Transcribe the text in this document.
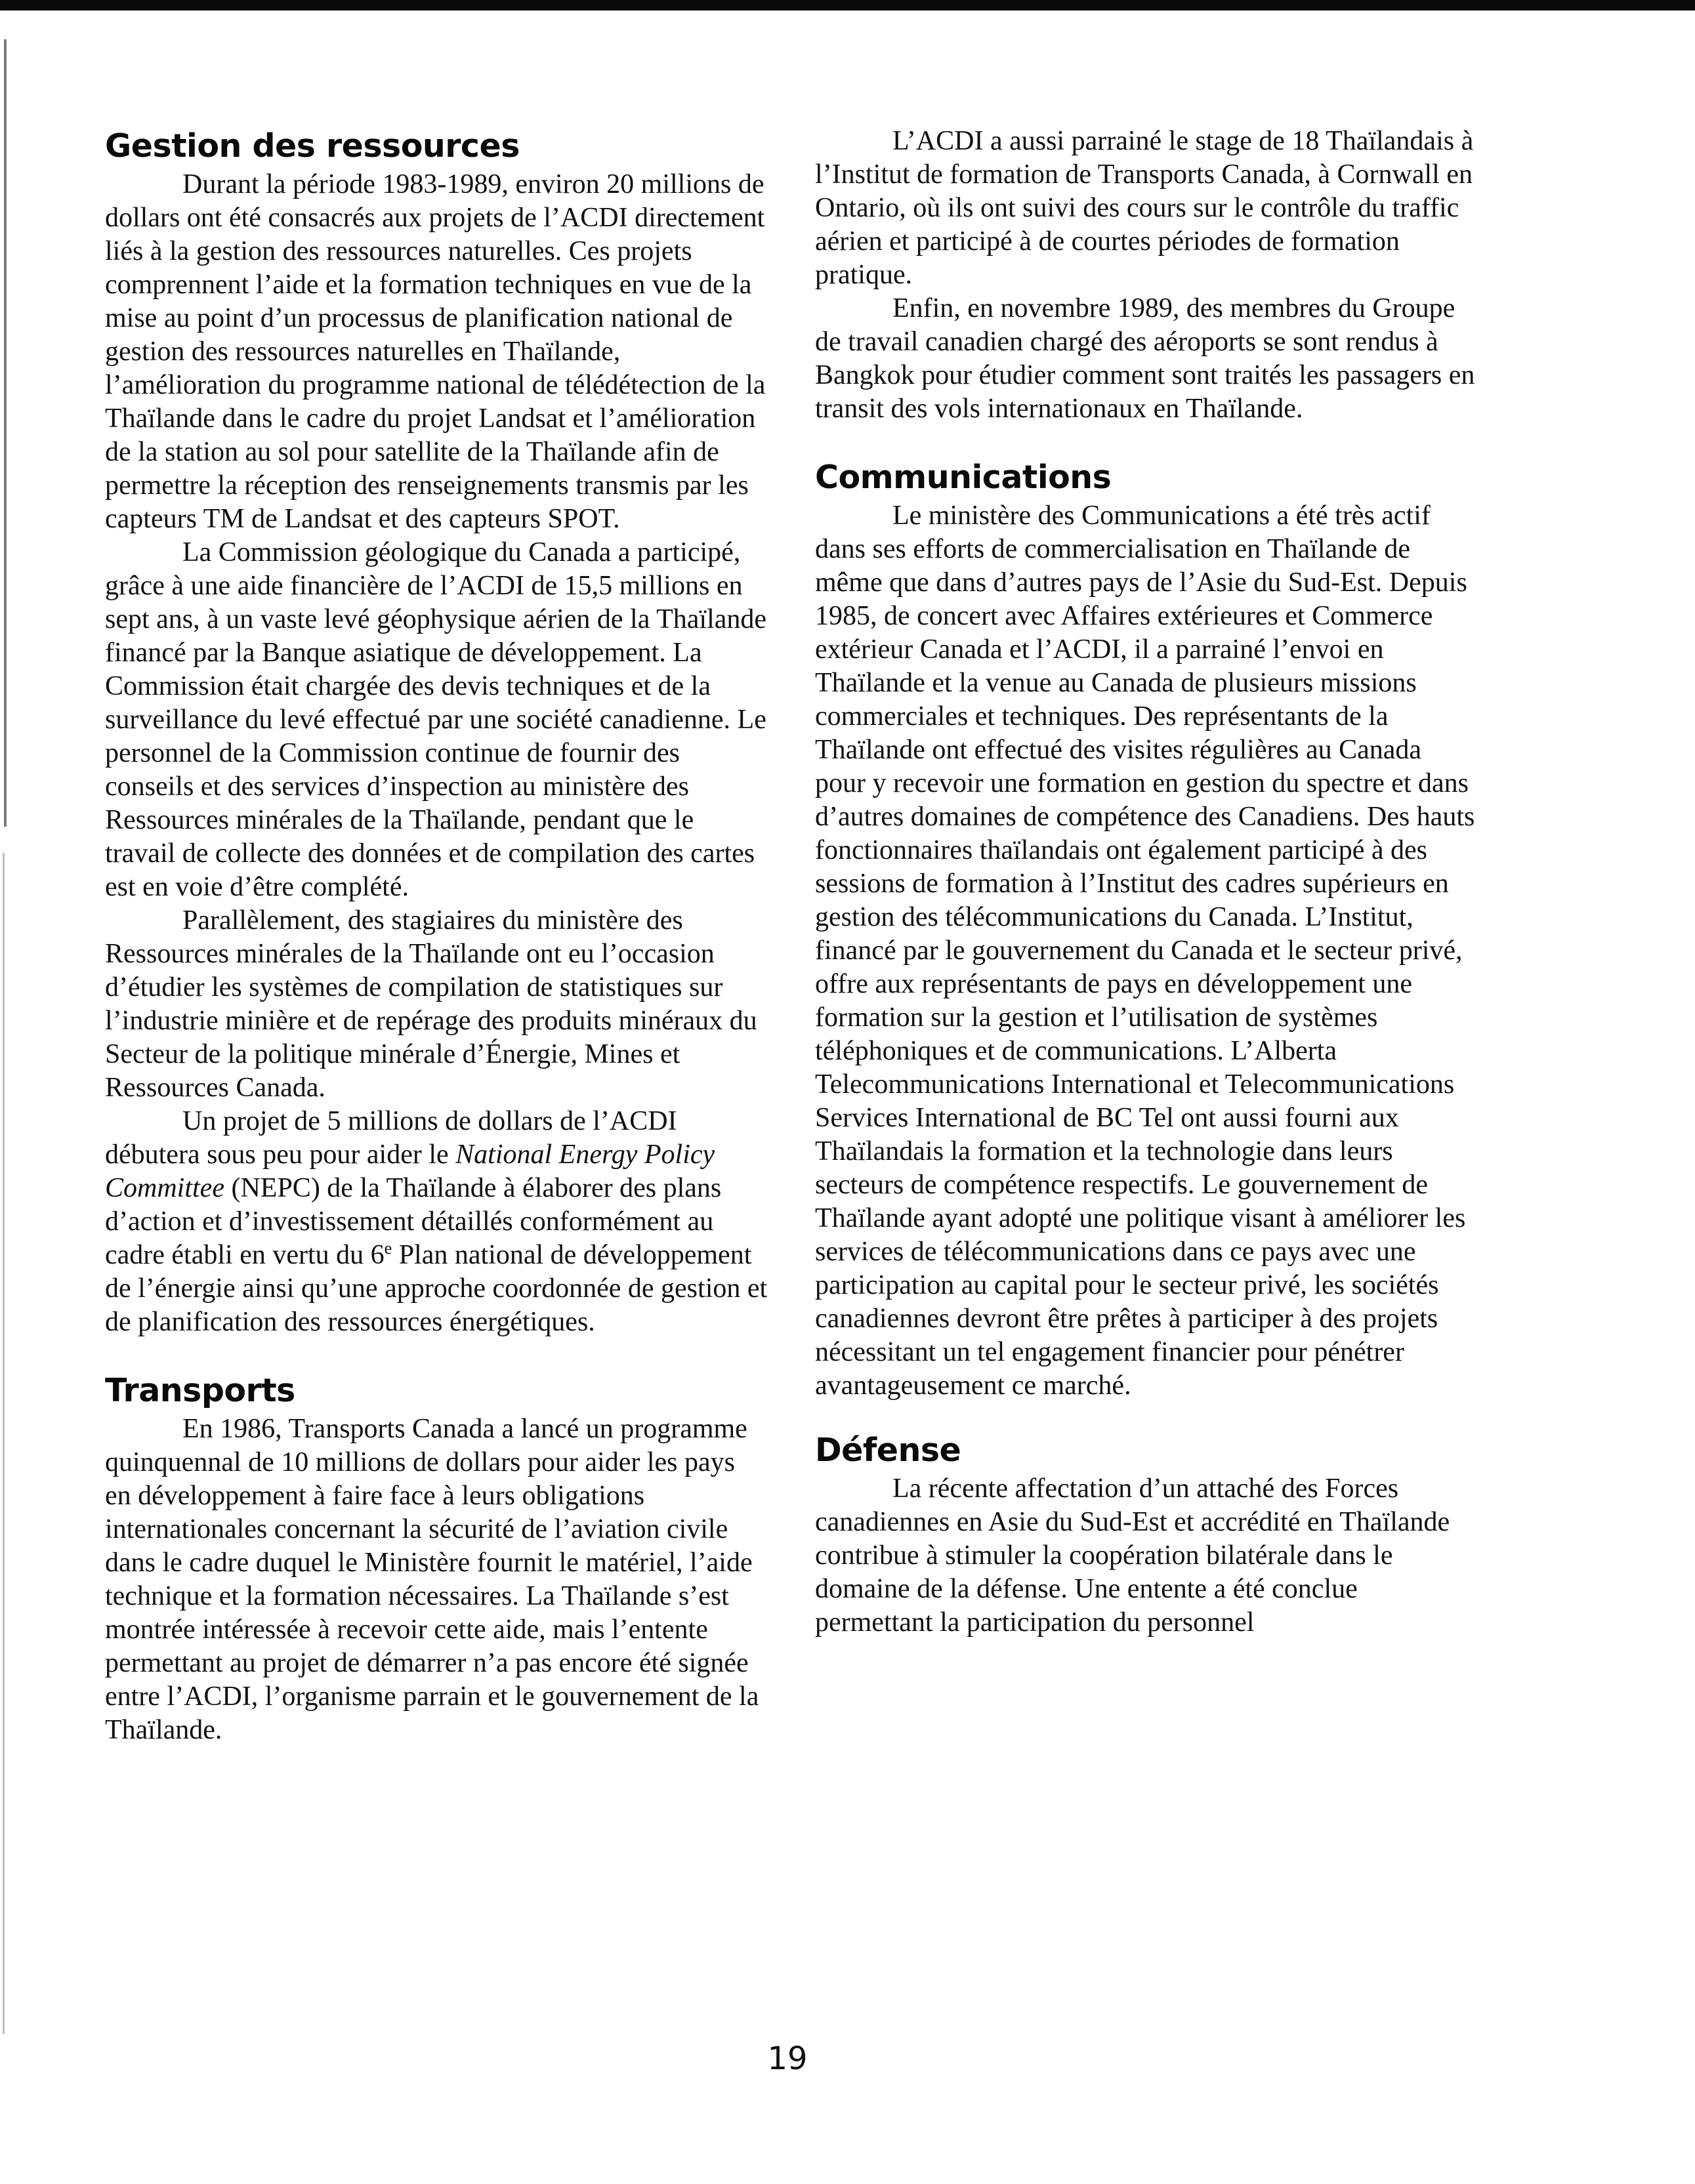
Gestion des ressources

Durant la période 1983-1989, environ 20 millions de dollars ont été consacrés aux projets de l’ACDI directement liés à la gestion des ressources naturelles. Ces projets comprennent l’aide et la formation techniques en vue de la mise au point d’un processus de planification national de gestion des ressources naturelles en Thaïlande, l’amélioration du programme national de télédétection de la Thaïlande dans le cadre du projet Landsat et l’amélioration de la station au sol pour satellite de la Thaïlande afin de permettre la réception des renseignements transmis par les capteurs TM de Landsat et des capteurs SPOT.

La Commission géologique du Canada a participé, grâce à une aide financière de l’ACDI de 15,5 millions en sept ans, à un vaste levé géophysique aérien de la Thaïlande financé par la Banque asiatique de développement. La Commission était chargée des devis techniques et de la surveillance du levé effectué par une société canadienne. Le personnel de la Commission continue de fournir des conseils et des services d’inspection au ministère des Ressources minérales de la Thaïlande, pendant que le travail de collecte des données et de compilation des cartes est en voie d’être complété.

Parallèlement, des stagiaires du ministère des Ressources minérales de la Thaïlande ont eu l’occasion d’étudier les systèmes de compilation de statistiques sur l’industrie minière et de repérage des produits minéraux du Secteur de la politique minérale d’Énergie, Mines et Ressources Canada.

Un projet de 5 millions de dollars de l’ACDI débutera sous peu pour aider le National Energy Policy Committee (NEPC) de la Thaïlande à élaborer des plans d’action et d’investissement détaillés conformément au cadre établi en vertu du 6e Plan national de développement de l’énergie ainsi qu’une approche coordonnée de gestion et de planification des ressources énergétiques.

Transports

En 1986, Transports Canada a lancé un programme quinquennal de 10 millions de dollars pour aider les pays en développement à faire face à leurs obligations internationales concernant la sécurité de l’aviation civile dans le cadre duquel le Ministère fournit le matériel, l’aide technique et la formation nécessaires. La Thaïlande s’est montrée intéressée à recevoir cette aide, mais l’entente permettant au projet de démarrer n’a pas encore été signée entre l’ACDI, l’organisme parrain et le gouvernement de la Thaïlande.

L’ACDI a aussi parrainé le stage de 18 Thaïlandais à l’Institut de formation de Transports Canada, à Cornwall en Ontario, où ils ont suivi des cours sur le contrôle du traffic aérien et participé à de courtes périodes de formation pratique.

Enfin, en novembre 1989, des membres du Groupe de travail canadien chargé des aéroports se sont rendus à Bangkok pour étudier comment sont traités les passagers en transit des vols internationaux en Thaïlande.

Communications

Le ministère des Communications a été très actif dans ses efforts de commercialisation en Thaïlande de même que dans d’autres pays de l’Asie du Sud-Est. Depuis 1985, de concert avec Affaires extérieures et Commerce extérieur Canada et l’ACDI, il a parrainé l’envoi en Thaïlande et la venue au Canada de plusieurs missions commerciales et techniques. Des représentants de la Thaïlande ont effectué des visites régulières au Canada pour y recevoir une formation en gestion du spectre et dans d’autres domaines de compétence des Canadiens. Des hauts fonctionnaires thaïlandais ont également participé à des sessions de formation à l’Institut des cadres supérieurs en gestion des télécommunications du Canada. L’Institut, financé par le gouvernement du Canada et le secteur privé, offre aux représentants de pays en développement une formation sur la gestion et l’utilisation de systèmes téléphoniques et de communications. L’Alberta Telecommunications International et Telecommunications Services International de BC Tel ont aussi fourni aux Thaïlandais la formation et la technologie dans leurs secteurs de compétence respectifs. Le gouvernement de Thaïlande ayant adopté une politique visant à améliorer les services de télécommunications dans ce pays avec une participation au capital pour le secteur privé, les sociétés canadiennes devront être prêtes à participer à des projets nécessitant un tel engagement financier pour pénétrer avantageusement ce marché.

Défense

La récente affectation d’un attaché des Forces canadiennes en Asie du Sud-Est et accrédité en Thaïlande contribue à stimuler la coopération bilatérale dans le domaine de la défense. Une entente a été conclue permettant la participation du personnel

19
